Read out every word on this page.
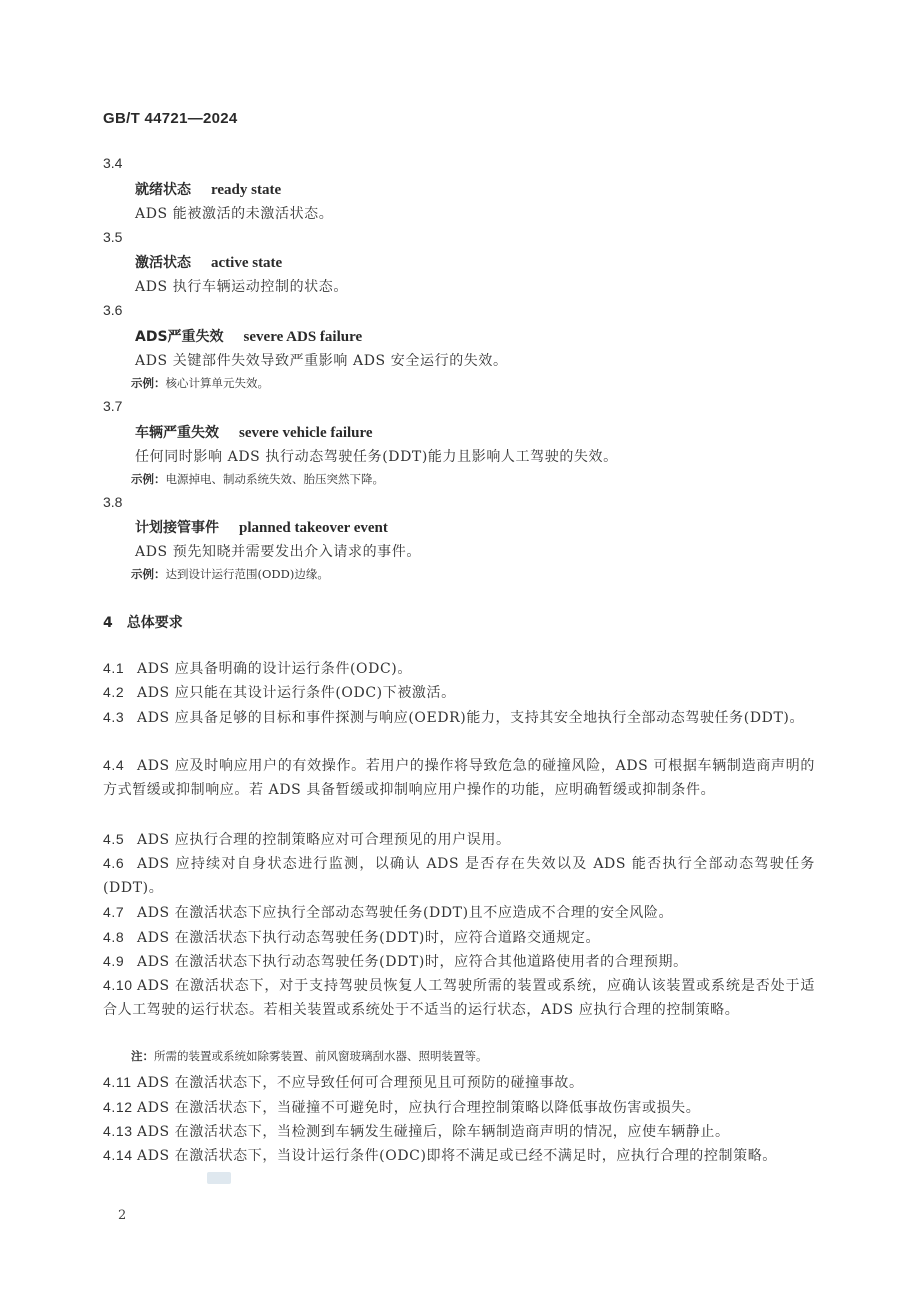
GB/T 44721—2024
3.4
就绪状态 ready state
ADS 能被激活的未激活状态。
3.5
激活状态 active state
ADS 执行车辆运动控制的状态。
3.6
ADS严重失效 severe ADS failure
ADS 关键部件失效导致严重影响 ADS 安全运行的失效。
示例：核心计算单元失效。
3.7
车辆严重失效 severe vehicle failure
任何同时影响 ADS 执行动态驾驶任务(DDT)能力且影响人工驾驶的失效。
示例：电源掉电、制动系统失效、胎压突然下降。
3.8
计划接管事件 planned takeover event
ADS 预先知晓并需要发出介入请求的事件。
示例：达到设计运行范围(ODD)边缘。
4 总体要求
4.1 ADS 应具备明确的设计运行条件(ODC)。
4.2 ADS 应只能在其设计运行条件(ODC)下被激活。
4.3 ADS 应具备足够的目标和事件探测与响应(OEDR)能力，支持其安全地执行全部动态驾驶任务(DDT)。
4.4 ADS 应及时响应用户的有效操作。若用户的操作将导致危急的碰撞风险，ADS 可根据车辆制造商声明的方式暂缓或抑制响应。若 ADS 具备暂缓或抑制响应用户操作的功能，应明确暂缓或抑制条件。
4.5 ADS 应执行合理的控制策略应对可合理预见的用户误用。
4.6 ADS 应持续对自身状态进行监测，以确认 ADS 是否存在失效以及 ADS 能否执行全部动态驾驶任务(DDT)。
4.7 ADS 在激活状态下应执行全部动态驾驶任务(DDT)且不应造成不合理的安全风险。
4.8 ADS 在激活状态下执行动态驾驶任务(DDT)时，应符合道路交通规定。
4.9 ADS 在激活状态下执行动态驾驶任务(DDT)时，应符合其他道路使用者的合理预期。
4.10 ADS 在激活状态下，对于支持驾驶员恢复人工驾驶所需的装置或系统，应确认该装置或系统是否处于适合人工驾驶的运行状态。若相关装置或系统处于不适当的运行状态，ADS 应执行合理的控制策略。
注：所需的装置或系统如除雾装置、前风窗玻璃刮水器、照明装置等。
4.11 ADS 在激活状态下，不应导致任何可合理预见且可预防的碰撞事故。
4.12 ADS 在激活状态下，当碰撞不可避免时，应执行合理控制策略以降低事故伤害或损失。
4.13 ADS 在激活状态下，当检测到车辆发生碰撞后，除车辆制造商声明的情况，应使车辆静止。
4.14 ADS 在激活状态下，当设计运行条件(ODC)即将不满足或已经不满足时，应执行合理的控制策略。
2
